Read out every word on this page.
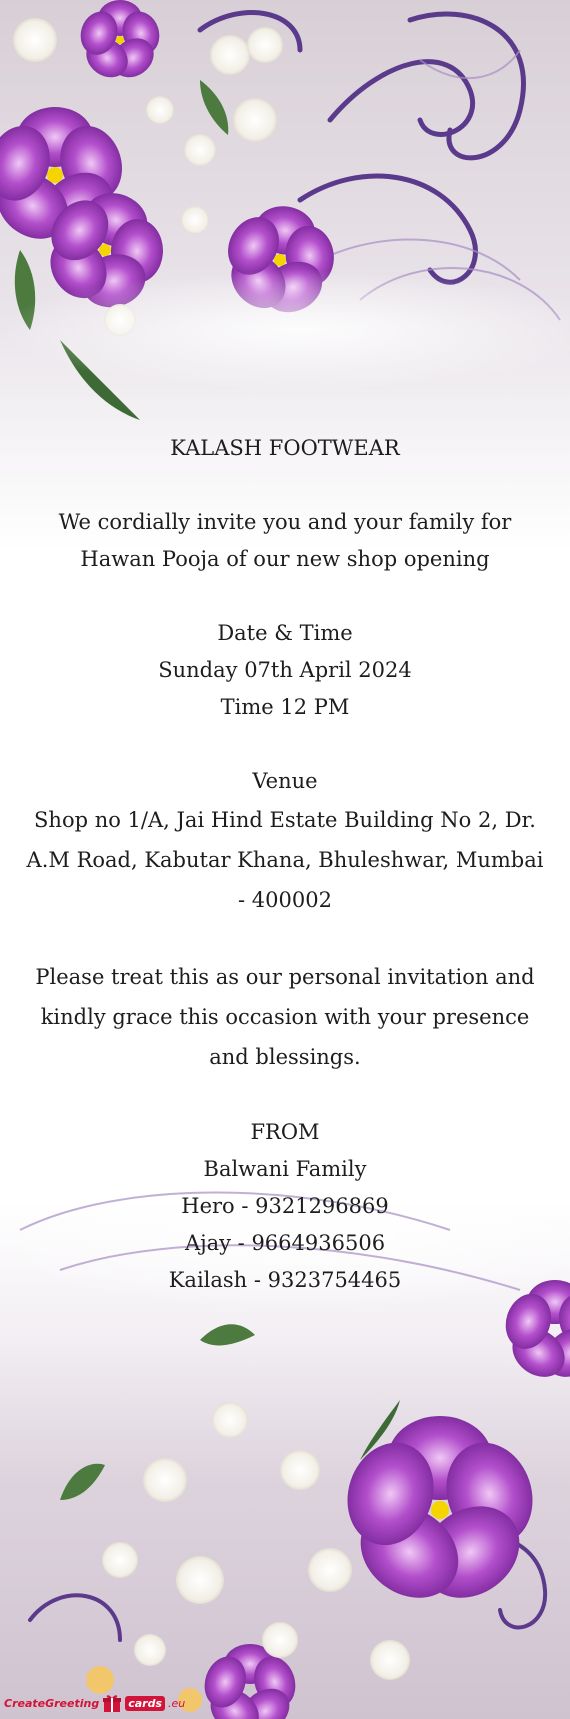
KALASH FOOTWEAR

We cordially invite you and your family for Hawan Pooja of our new shop opening

Date & Time

Sunday 07th April 2024

Time 12 PM

Venue

Shop no 1/A, Jai Hind Estate Building No 2, Dr. A.M Road, Kabutar Khana, Bhuleshwar, Mumbai - 400002

Please treat this as our personal invitation and kindly grace this occasion with your presence and blessings.

FROM

Balwani Family

Hero - 9321296869

Ajay - 9664936506

Kailash - 9323754465

CreateGreeting	cards .eu
